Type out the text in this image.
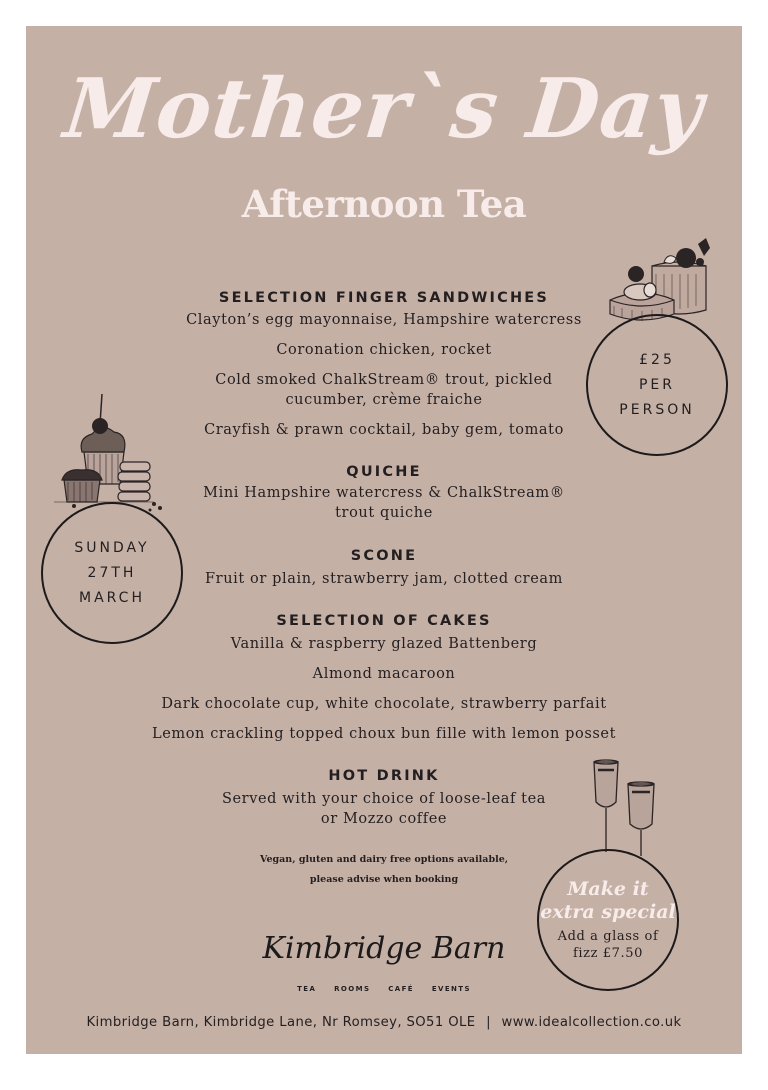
Mother`s Day
Afternoon Tea
SELECTION FINGER SANDWICHES
Clayton’s egg mayonnaise, Hampshire watercress
Coronation chicken, rocket
Cold smoked ChalkStream® trout, pickled
cucumber, crème fraiche
Crayfish & prawn cocktail, baby gem, tomato
QUICHE
Mini Hampshire watercress & ChalkStream®
trout quiche
SCONE
Fruit or plain, strawberry jam, clotted cream
SELECTION OF CAKES
Vanilla & raspberry glazed Battenberg
Almond macaroon
Dark chocolate cup, white chocolate, strawberry parfait
Lemon crackling topped choux bun fille with lemon posset
HOT DRINK
Served with your choice of loose-leaf tea
or Mozzo coffee
Vegan, gluten and dairy free options available,
please advise when booking
£25
PER
PERSON
SUNDAY
27TH
MARCH
Make it
extra special
Add a glass of
fizz £7.50
Kimbridge Barn
TEA ROOMS	CAFÉ	EVENTS
Kimbridge Barn, Kimbridge Lane, Nr Romsey, SO51 OLE | www.idealcollection.co.uk
